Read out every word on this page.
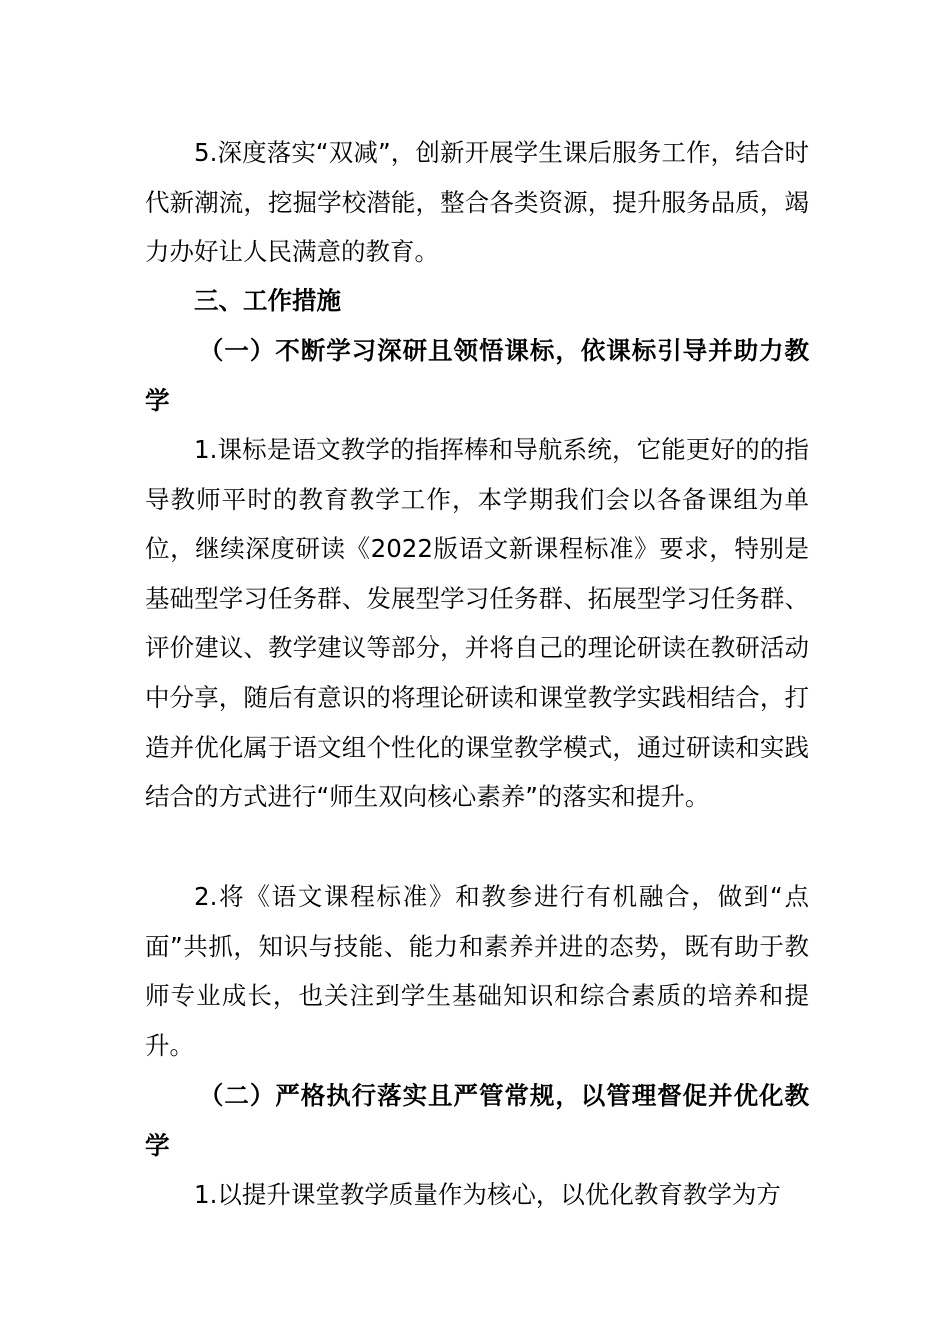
5.深度落实“双减”，创新开展学生课后服务工作，结合时代新潮流，挖掘学校潜能，整合各类资源，提升服务品质，竭力办好让人民满意的教育。

三、工作措施
（一）不断学习深研且领悟课标，依课标引导并助力教学

1.课标是语文教学的指挥棒和导航系统，它能更好的的指导教师平时的教育教学工作，本学期我们会以各备课组为单位，继续深度研读《2022版语文新课程标准》要求，特别是基础型学习任务群、发展型学习任务群、拓展型学习任务群、评价建议、教学建议等部分，并将自己的理论研读在教研活动中分享，随后有意识的将理论研读和课堂教学实践相结合，打造并优化属于语文组个性化的课堂教学模式，通过研读和实践结合的方式进行“师生双向核心素养”的落实和提升。

2.将《语文课程标准》和教参进行有机融合，做到“点面”共抓，知识与技能、能力和素养并进的态势，既有助于教师专业成长，也关注到学生基础知识和综合素质的培养和提升。

（二）严格执行落实且严管常规，以管理督促并优化教学

1.以提升课堂教学质量作为核心，以优化教育教学为方
